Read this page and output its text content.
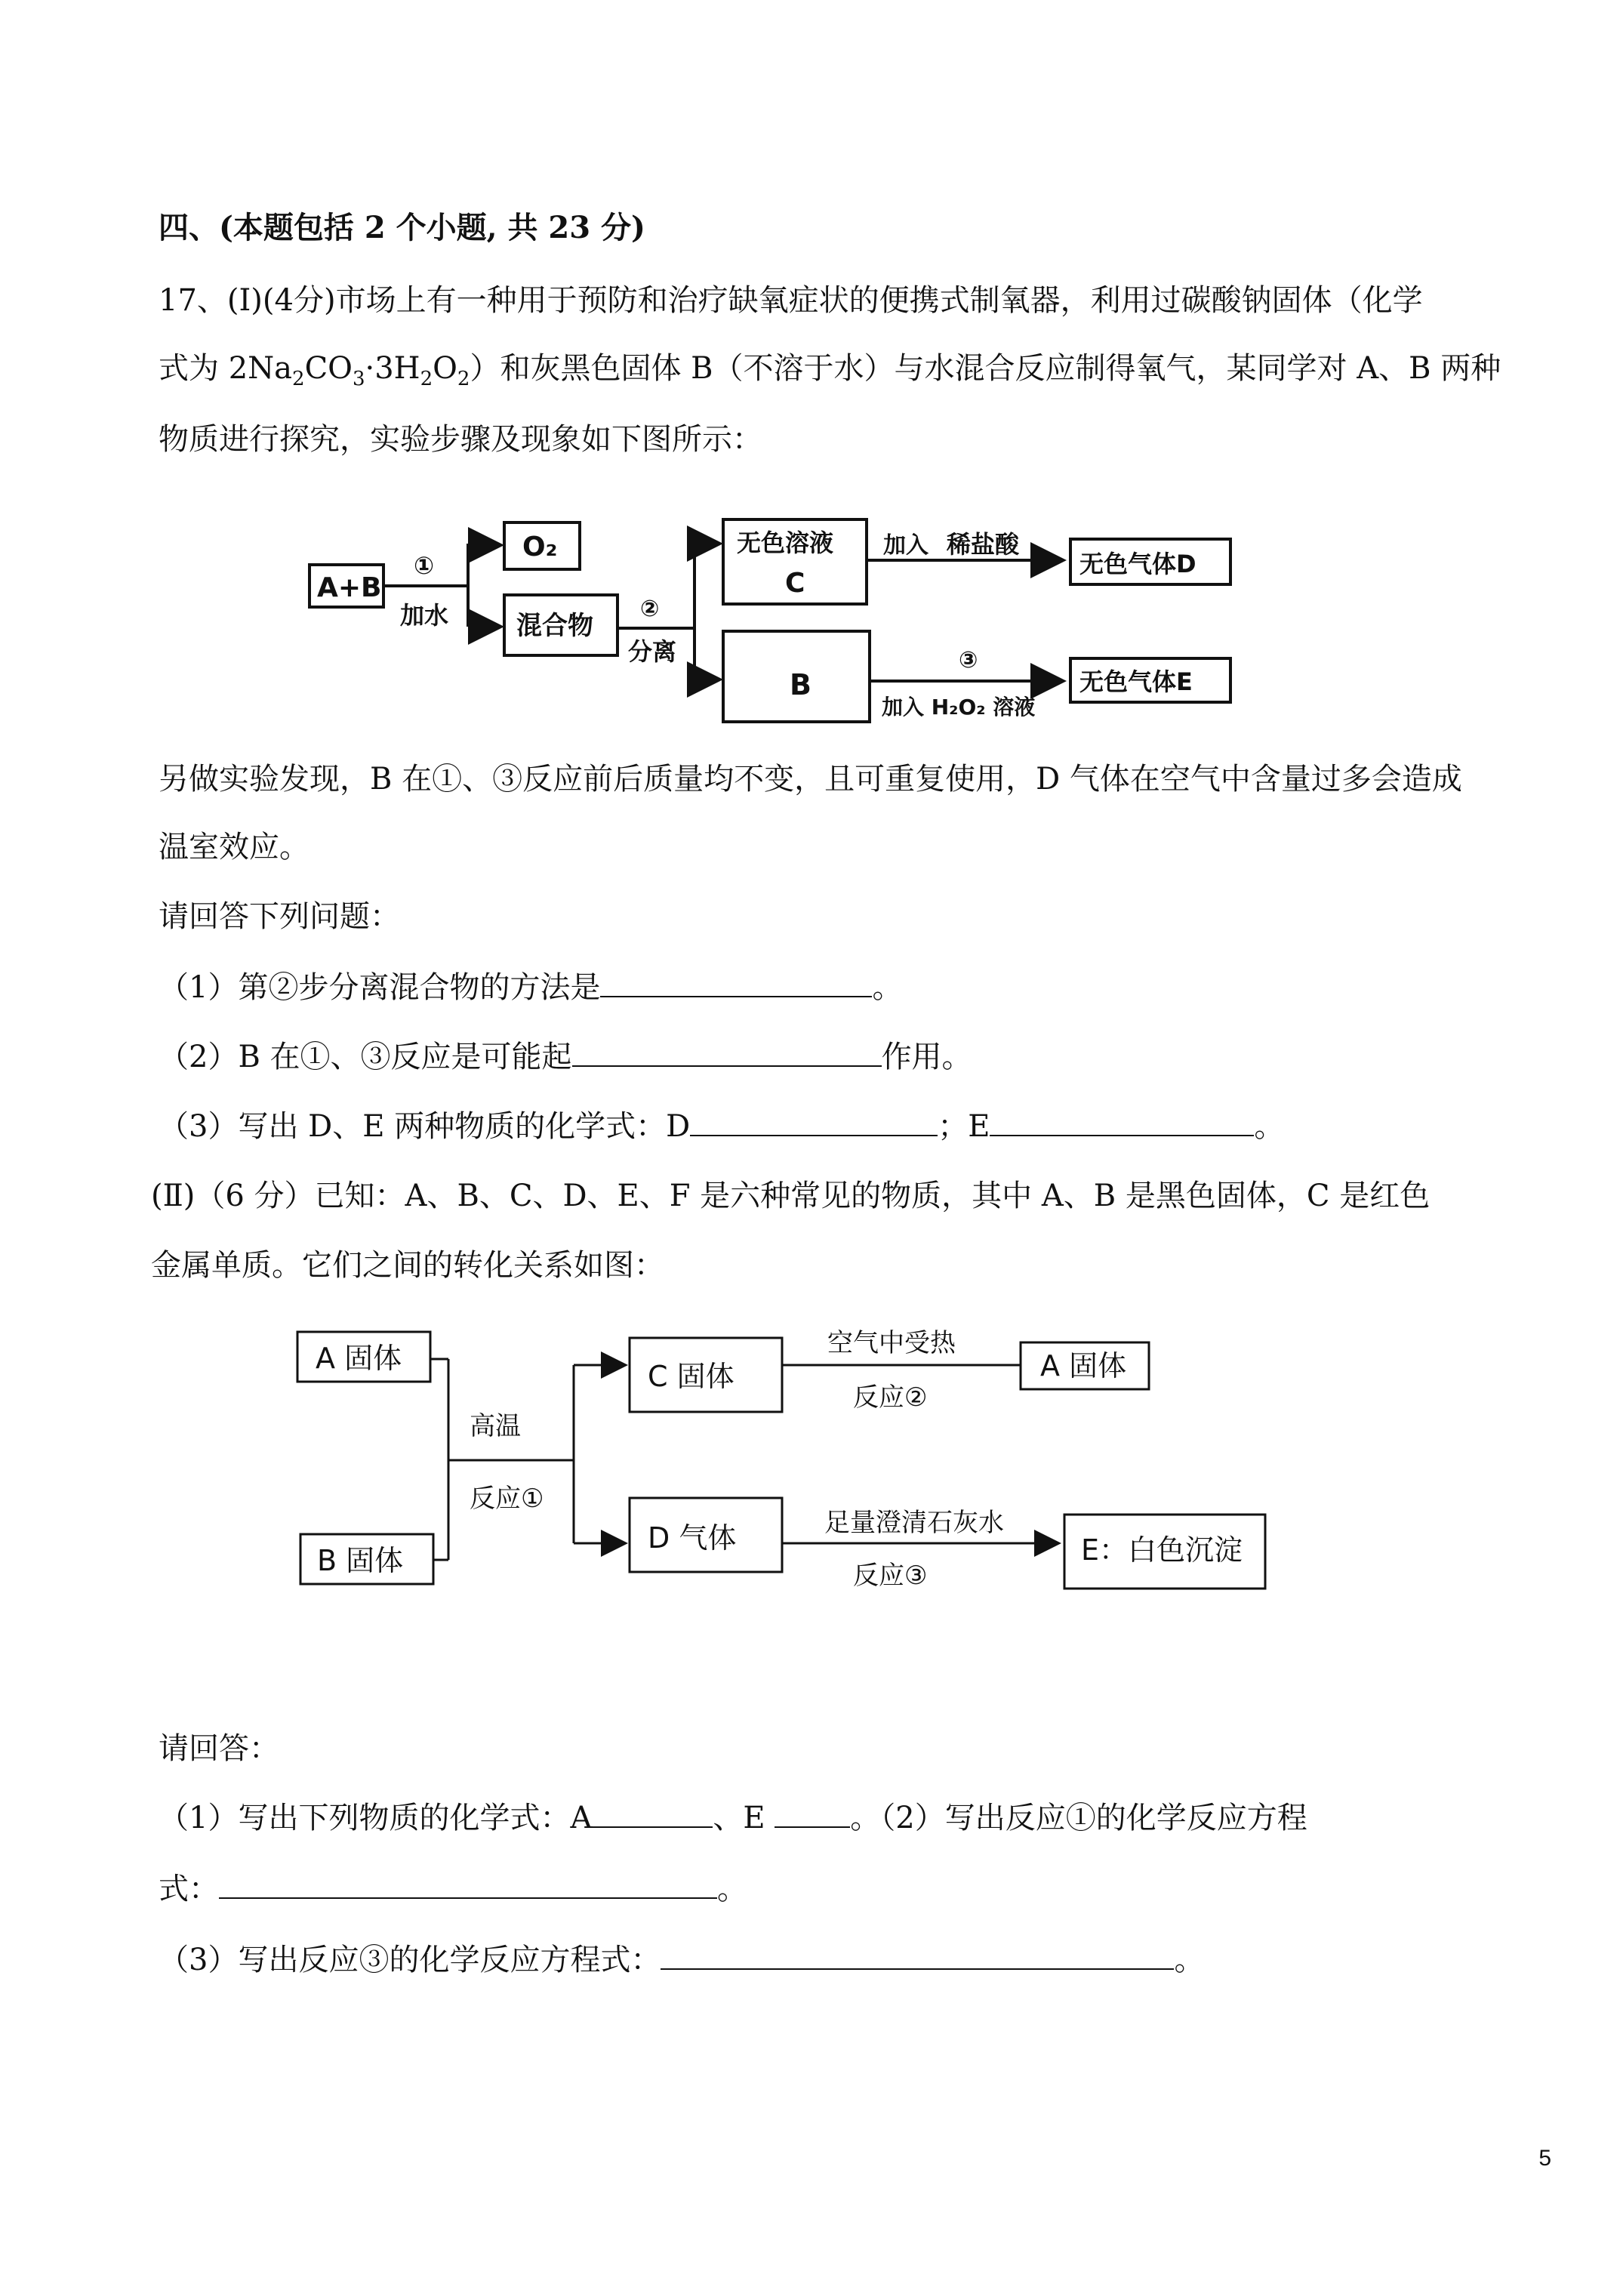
四、(本题包括 2 个小题, 共 23 分)
17、(Ⅰ)(4分)市场上有一种用于预防和治疗缺氧症状的便携式制氧器，利用过碳酸钠固体（化学
式为 $2Na_2CO_3\cdot 3H_2O_2$）和灰黑色固体 B（不溶于水）与水混合反应制得氧气，某同学对 A、B 两种
物质进行探究，实验步骤及现象如下图所示：
A+B
①
加水
O₂
混合物
②
分离
无色溶液
C
B
加入 稀盐酸
无色气体D
③
加入 H₂O₂ 溶液
无色气体E
另做实验发现，B 在①、③反应前后质量均不变，且可重复使用，D 气体在空气中含量过多会造成
温室效应。
请回答下列问题：
（1）第②步分离混合物的方法是	。
（2）B 在①、③反应是可能起	作用。
（3）写出 D、E 两种物质的化学式：D	；E	。
(Ⅱ)（6 分）已知：A、B、C、D、E、F 是六种常见的物质，其中 A、B 是黑色固体，C 是红色
金属单质。它们之间的转化关系如图：
A 固体
B 固体
高温
反应①
C 固体
D 气体
空气中受热
反应②
A 固体
足量澄清石灰水
反应③
E：白色沉淀
请回答：
（1）写出下列物质的化学式：A	、E	。（2）写出反应①的化学反应方程
式：	。
（3）写出反应③的化学反应方程式：	。
5
